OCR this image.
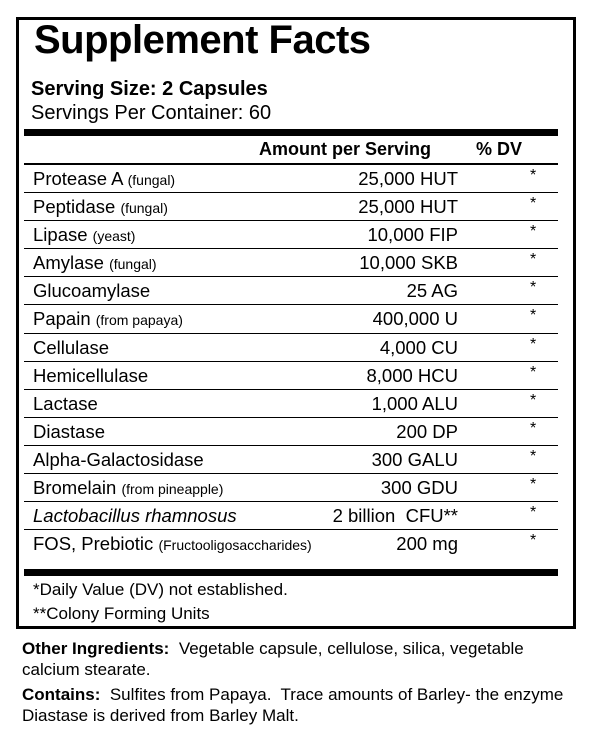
Supplement Facts
Serving Size: 2 Capsules
Servings Per Container: 60
Amount per Serving % DV
Protease A (fungal)	25,000 HUT	*
Peptidase (fungal)	25,000 HUT	*
Lipase (yeast)	10,000 FIP	*
Amylase (fungal)	10,000 SKB	*
Glucoamylase	25 AG	*
Papain (from papaya)	400,000 U	*
Cellulase	4,000 CU	*
Hemicellulase	8,000 HCU	*
Lactase	1,000 ALU	*
Diastase	200 DP	*
Alpha-Galactosidase	300 GALU	*
Bromelain (from pineapple)	300 GDU	*
Lactobacillus rhamnosus	2 billion  CFU**	*
FOS, Prebiotic (Fructooligosaccharides)	200 mg	*
*Daily Value (DV) not established.
**Colony Forming Units
Other Ingredients: Vegetable capsule, cellulose, silica, vegetable calcium stearate.
Contains: Sulfites from Papaya.  Trace amounts of Barley- the enzyme Diastase is derived from Barley Malt.
